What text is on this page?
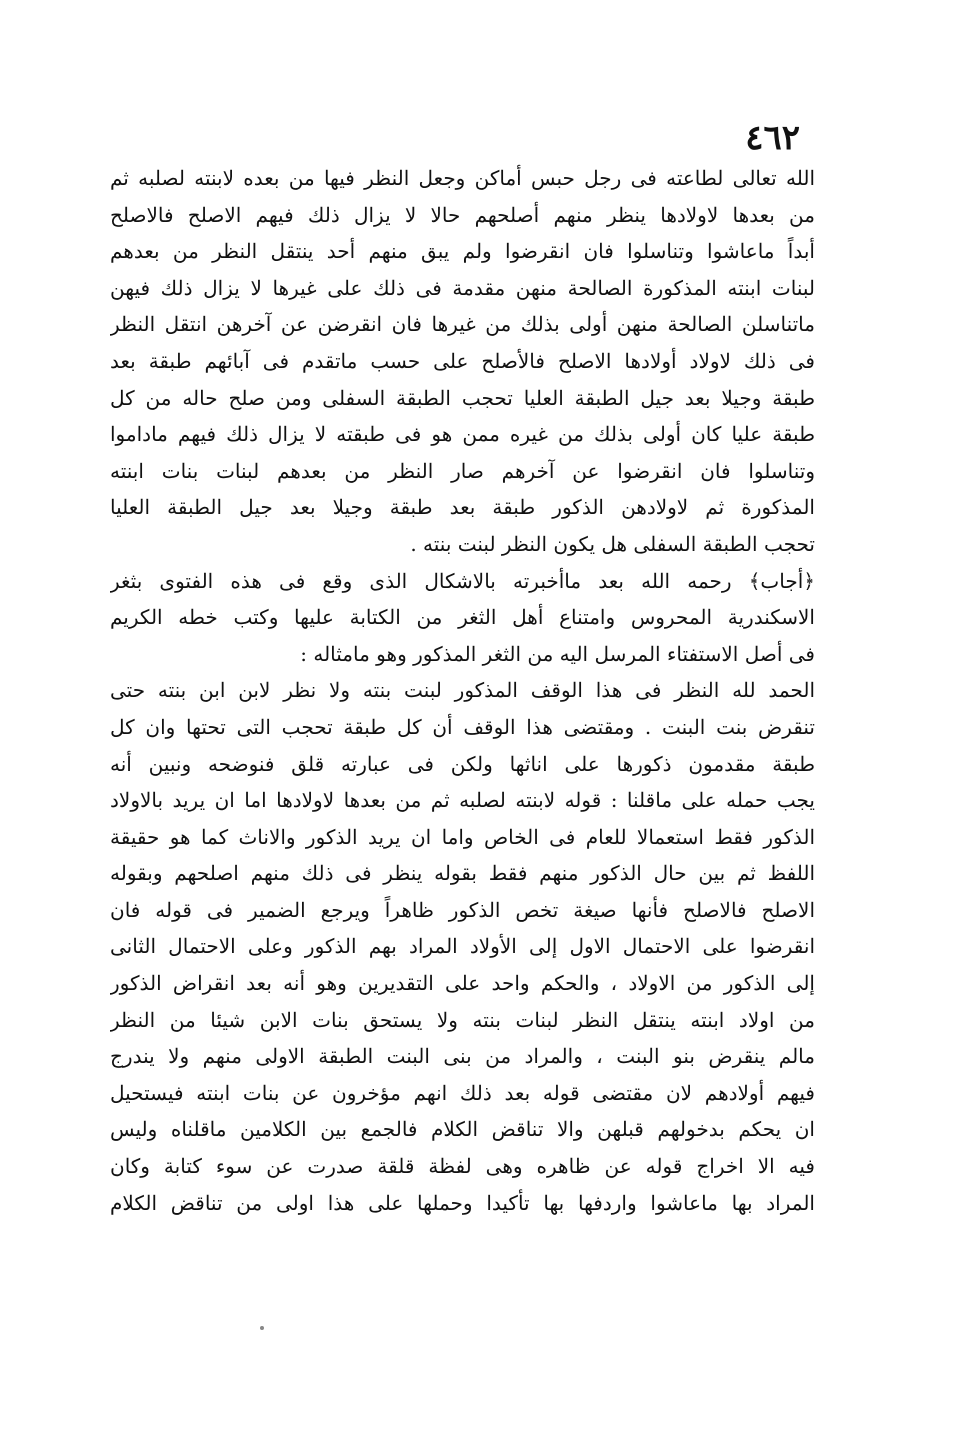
٤٦٢
الله تعالى لطاعته فى رجل حبس أماكن وجعل النظر فيها من بعده لابنته لصلبه ثم
من بعدها لاولادها ينظر منهم أصلحهم حالا لا يزال ذلك فيهم الاصلح فالاصلح
أبداً ماعاشوا وتناسلوا فان انقرضوا ولم يبق منهم أحد ينتقل النظر من بعدهم
لبنات ابنته المذكورة الصالحة منهن مقدمة فى ذلك على غيرها لا يزال ذلك فيهن
ماتناسلن الصالحة منهن أولى بذلك من غيرها فان انقرضن عن آخرهن انتقل النظر
فى ذلك لاولاد أولادها الاصلح فالأصلح على حسب ماتقدم فى آبائهم طبقة بعد
طبقة وجيلا بعد جيل الطبقة العليا تحجب الطبقة السفلى ومن صلح حاله من كل
طبقة عليا كان أولى بذلك من غيره ممن هو فى طبقته لا يزال ذلك فيهم ماداموا
وتناسلوا فان انقرضوا عن آخرهم صار النظر من بعدهم لبنات بنات ابنته
المذكورة ثم لاولادهن الذكور طبقة بعد طبقة وجيلا بعد جيل الطبقة العليا
تحجب الطبقة السفلى هل يكون النظر لبنت بنته .
﴿أجاب﴾ رحمه الله بعد ماأخبرته بالاشكال الذى وقع فى هذه الفتوى بثغر
الاسكندرية المحروس وامتناع أهل الثغر من الكتابة عليها وكتب خطه الكريم
فى أصل الاستفتاء المرسل اليه من الثغر المذكور وهو مامثاله :
الحمد لله النظر فى هذا الوقف المذكور لبنت بنته ولا نظر لابن ابن بنته حتى
تنقرض بنت البنت . ومقتضى هذا الوقف أن كل طبقة تحجب التى تحتها وان كل
طبقة مقدمون ذكورها على اناثها ولكن فى عبارته قلق فنوضحه ونبين أنه
يجب حمله على ماقلنا : قوله لابنته لصلبه ثم من بعدها لاولادها اما ان يريد بالاولاد
الذكور فقط استعمالا للعام فى الخاص واما ان يريد الذكور والاناث كما هو حقيقة
اللفظ ثم بين حال الذكور منهم فقط بقوله ينظر فى ذلك منهم اصلحهم وبقوله
الاصلح فالاصلح فأنها صيغة تخص الذكور ظاهراً ويرجع الضمير فى قوله فان
انقرضوا على الاحتمال الاول إلى الأولاد المراد بهم الذكور وعلى الاحتمال الثانى
إلى الذكور من الاولاد ، والحكم واحد على التقديرين وهو أنه بعد انقراض الذكور
من اولاد ابنته ينتقل النظر لبنات بنته ولا يستحق بنات الابن شيئا من النظر
مالم ينقرض بنو البنت ، والمراد من بنى البنت الطبقة الاولى منهم ولا يندرج
فيهم أولادهم لان مقتضى قوله بعد ذلك انهم مؤخرون عن بنات ابنته فيستحيل
ان يحكم بدخولهم قبلهن والا تناقض الكلام فالجمع بين الكلامين ماقلناه وليس
فيه الا اخراج قوله عن ظاهره وهى لفظة قلقة صدرت عن سوء كتابة وكان
المراد بها ماعاشوا واردفها بها تأكيدا وحملها على هذا اولى من تناقض الكلام
